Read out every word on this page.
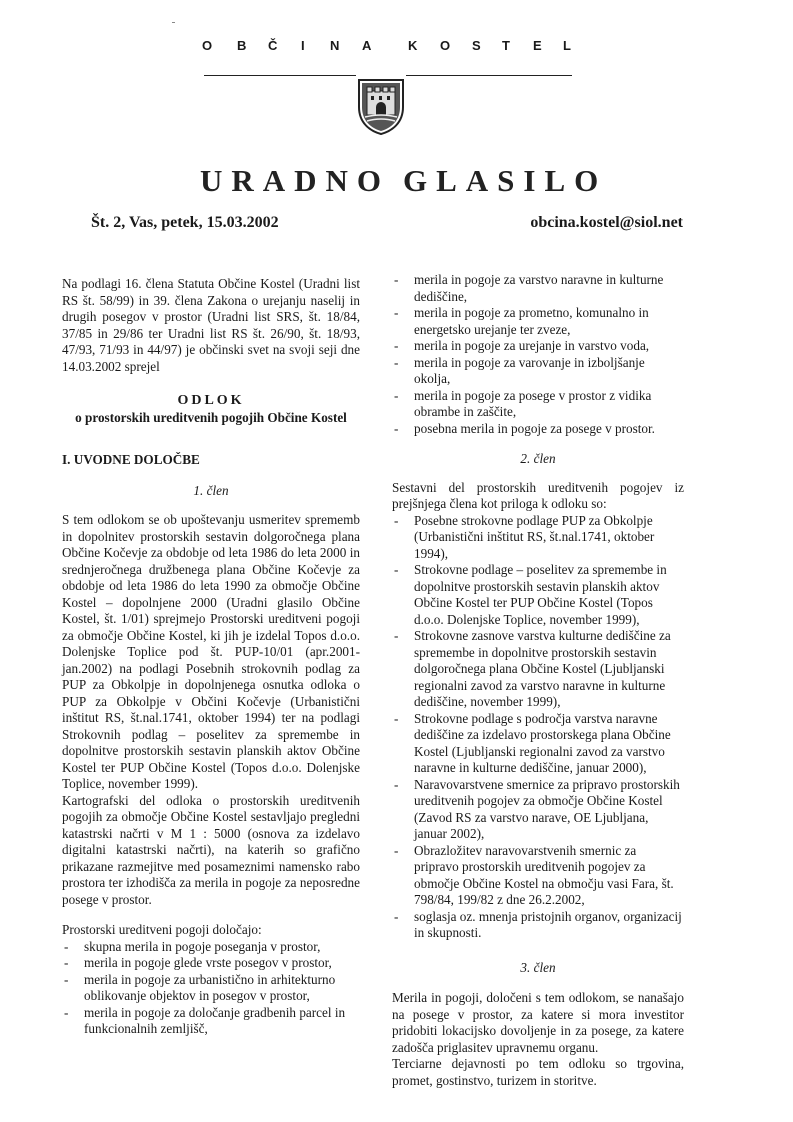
O B Č I N A	K O S T E L
URADNO GLASILO
Št. 2, Vas, petek, 15.03.2002	obcina.kostel@siol.net

Na podlagi 16. člena Statuta Občine Kostel (Uradni list RS št. 58/99) in 39. člena Zakona o urejanju naselij in drugih posegov v prostor (Uradni list SRS, št. 18/84, 37/85 in 29/86 ter Uradni list RS št. 26/90, št. 18/93, 47/93, 71/93 in 44/97) je občinski svet na svoji seji dne 14.03.2002 sprejel

ODLOK

o prostorskih ureditvenih pogojih Občine Kostel

I. UVODNE DOLOČBE

1. člen

S tem odlokom se ob upoštevanju usmeritev sprememb in dopolnitev prostorskih sestavin dolgoročnega plana Občine Kočevje za obdobje od leta 1986 do leta 2000 in srednjeročnega družbenega plana Občine Kočevje za obdobje od leta 1986 do leta 1990 za območje Občine Kostel – dopolnjene 2000 (Uradni glasilo Občine Kostel, št. 1/01) sprejmejo Prostorski ureditveni pogoji za območje Občine Kostel, ki jih je izdelal Topos d.o.o. Dolenjske Toplice pod št. PUP-10/01 (apr.2001- jan.2002) na podlagi Posebnih strokovnih podlag za PUP za Obkolpje in dopolnjenega osnutka odloka o PUP za Obkolpje v Občini Kočevje (Urbanistični inštitut RS, št.nal.1741, oktober 1994) ter na podlagi Strokovnih podlag – poselitev za spremembe in dopolnitve prostorskih sestavin planskih aktov Občine Kostel ter PUP Občine Kostel (Topos d.o.o. Dolenjske Toplice, november 1999).

Kartografski del odloka o prostorskih ureditvenih pogojih za območje Občine Kostel sestavljajo pregledni katastrski načrti v M 1 : 5000 (osnova za izdelavo digitalni katastrski načrti), na katerih so grafično prikazane razmejitve med posameznimi namensko rabo prostora ter izhodišča za merila in pogoje za neposredne posege v prostor.

Prostorski ureditveni pogoji določajo:

- skupna merila in pogoje poseganja v prostor,
- merila in pogoje glede vrste posegov v prostor,
- merila in pogoje za urbanistično in arhitekturno oblikovanje objektov in posegov v prostor,
- merila in pogoje za določanje gradbenih parcel in funkcionalnih zemljišč,
- merila in pogoje za varstvo naravne in kulturne dediščine,
- merila in pogoje za prometno, komunalno in energetsko urejanje ter zveze,
- merila in pogoje za urejanje in varstvo voda,
- merila in pogoje za varovanje in izboljšanje okolja,
- merila in pogoje za posege v prostor z vidika obrambe in zaščite,
- posebna merila in pogoje za posege v prostor.

2. člen

Sestavni del prostorskih ureditvenih pogojev iz prejšnjega člena kot priloga k odloku so:

- Posebne strokovne podlage PUP za Obkolpje (Urbanistični inštitut RS, št.nal.1741, oktober 1994),
- Strokovne podlage – poselitev za spremembe in dopolnitve prostorskih sestavin planskih aktov Občine Kostel ter PUP Občine Kostel (Topos d.o.o. Dolenjske Toplice, november 1999),
- Strokovne zasnove varstva kulturne dediščine za spremembe in dopolnitve prostorskih sestavin dolgoročnega plana Občine Kostel (Ljubljanski regionalni zavod za varstvo naravne in kulturne dediščine, november 1999),
- Strokovne podlage s področja varstva naravne dediščine za izdelavo prostorskega plana Občine Kostel (Ljubljanski regionalni zavod za varstvo naravne in kulturne dediščine, januar 2000),
- Naravovarstvene smernice za pripravo prostorskih ureditvenih pogojev za območje Občine Kostel (Zavod RS za varstvo narave, OE Ljubljana, januar 2002),
- Obrazložitev naravovarstvenih smernic za pripravo prostorskih ureditvenih pogojev za območje Občine Kostel na območju vasi Fara, št. 798/84, 199/82 z dne 26.2.2002,
- soglasja oz. mnenja pristojnih organov, organizacij in skupnosti.

3. člen

Merila in pogoji, določeni s tem odlokom, se nanašajo na posege v prostor, za katere si mora investitor pridobiti lokacijsko dovoljenje in za posege, za katere zadošča priglasitev upravnemu organu.

Terciarne dejavnosti po tem odloku so trgovina, promet, gostinstvo, turizem in storitve.
